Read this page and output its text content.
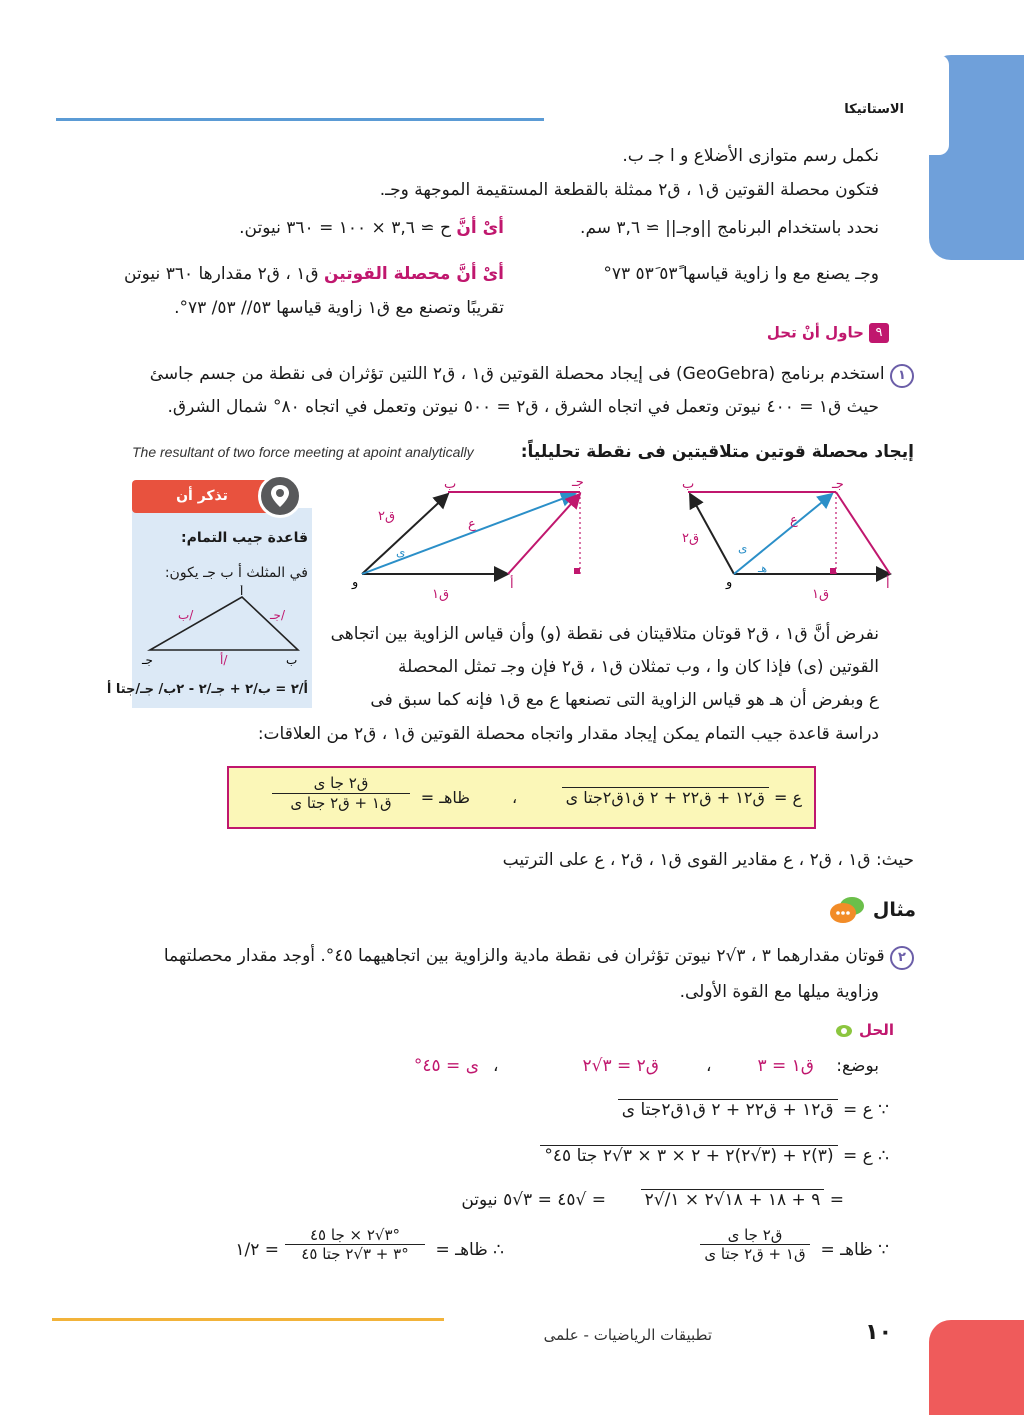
الاستاتيكا
نكمل رسم متوازى الأضلاع و ا جـ ب.
فتكون محصلة القوتين ق١ ، ق٢ ممثلة بالقطعة المستقيمة الموجهة وجـ.
نحدد باستخدام البرنامج ||وجـ|| ≃ ٣,٦ سم.
أىْ أنَّ ح ≃ ٣,٦ × ١٠٠ = ٣٦٠ نيوتن.
وجـ يصنع مع وا زاوية قياسها ٥٣ً ٥٣َ ٧٣°
أىْ أنَّ محصلة القوتين ق١ ، ق٢ مقدارها ٣٦٠ نيوتن
تقريبًا وتصنع مع ق١ زاوية قياسها ٥٣// ٥٣/ ٧٣°.
٩ حاول أنْ تحل
١ استخدم برنامج (GeoGebra) فى إيجاد محصلة القوتين ق١ ، ق٢ اللتين تؤثران فى نقطة من جسم جاسئ
حيث ق١ = ٤٠٠ نيوتن وتعمل في اتجاه الشرق ، ق٢ = ٥٠٠ نيوتن وتعمل في اتجاه ٨٠° شمال الشرق.
إيجاد محصلة قوتين متلاقيتين فى نقطة تحليلياً:
The resultant of two force meeting at apoint analytically
تذكر أن
قاعدة جيب التمام:
في المثلث أ ب جـ يكون:
أ
جـ	ب
أ/
ب/	جـ/
أ/٢ = ب/٢ + جـ/٢ - ٢ب/ جـ/جتا أ
و	أ
ب	جـ
ق١
ق٢
ع
ى
و	أ
ب	جـ
ق١
ق٢
ع
ى
هـ
نفرض أنَّ ق١ ، ق٢ قوتان متلاقيتان فى نقطة (و) وأن قياس الزاوية بين اتجاهى
القوتين (ى) فإذا كان وا ، وب تمثلان ق١ ، ق٢ فإن وجـ تمثل المحصلة
ع وبفرض أن هـ هو قياس الزاوية التى تصنعها ع مع ق١ فإنه كما سبق فى
دراسة قاعدة جيب التمام يمكن إيجاد مقدار واتجاه محصلة القوتين ق١ ، ق٢ من العلاقات:
ع = ق١٢ + ق٢٢ + ٢ ق١ق٢جتا ى
،
ظاهـ =
ق٢ جا ى
ق١ + ق٢ جتا ى
حيث: ق١ ، ق٢ ، ع مقادير القوى ق١ ، ق٢ ، ع على الترتيب
مثال
٢ قوتان مقدارهما ٣ ، ٣√٢ نيوتن تؤثران فى نقطة مادية والزاوية بين اتجاهيهما ٤٥°. أوجد مقدار محصلتهما
وزاوية ميلها مع القوة الأولى.
الحل
بوضع:
ق١ = ٣
،
ق٢ = ٣√٢
،
ى = ٤٥°
∵ ع = ق١٢ + ق٢٢ + ٢ ق١ق٢جتا ى
∴ ع = (٣)٢ + (٣√٢)٢ + ٢ × ٣ × ٣√٢ جتا ٤٥°
= ٩ + ١٨ + ١٨√٢ × ١/√٢
= √٤٥ = ٣√٥ نيوتن
∵ ظاهـ =
ق٢ جا ى
ق١ + ق٢ جتا ى
∴ ظاهـ =
٣√٢ × جا ٤٥°
٣ + ٣√٢ جتا ٤٥°
= ١/٢
تطبيقات الرياضيات - علمى	١٠
